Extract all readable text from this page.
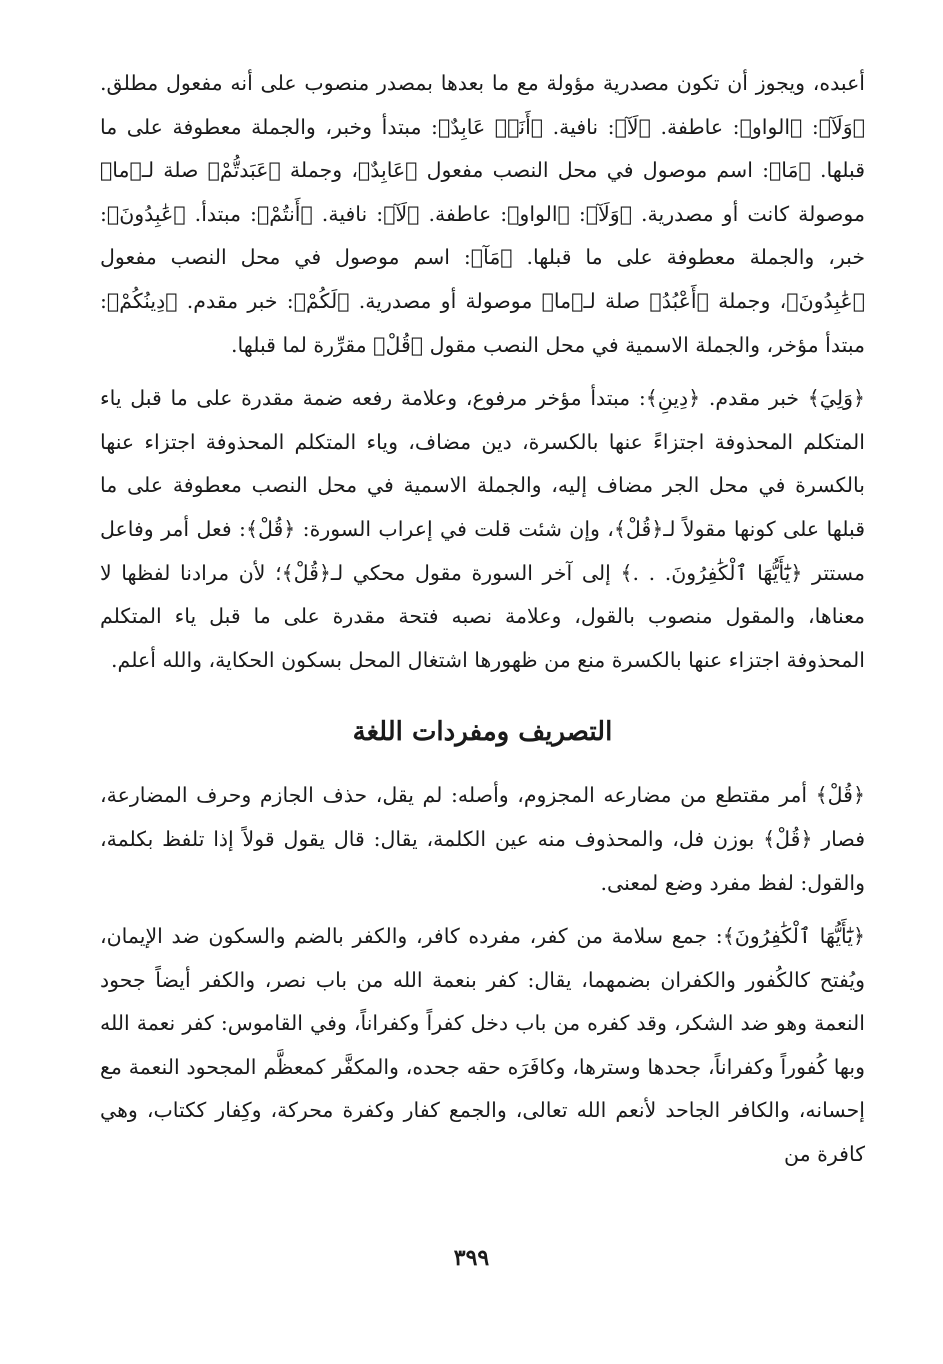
أعبده، ويجوز أن تكون مصدرية مؤولة مع ما بعدها بمصدر منصوب على أنه مفعول مطلق. ﴿وَلَآ﴾: ﴿الواو﴾: عاطفة. ﴿لَآ﴾: نافية. ﴿أَنَا۠ عَابِدٌ﴾: مبتدأ وخبر، والجملة معطوفة على ما قبلها. ﴿مَا﴾: اسم موصول في محل النصب مفعول ﴿عَابِدٌ﴾، وجملة ﴿عَبَدتُّمْ﴾ صلة لـ﴿ما﴾ موصولة كانت أو مصدرية. ﴿وَلَآ﴾: ﴿الواو﴾: عاطفة. ﴿لَآ﴾: نافية. ﴿أَنتُمْ﴾: مبتدأ. ﴿عَٰبِدُونَ﴾: خبر، والجملة معطوفة على ما قبلها. ﴿مَآ﴾: اسم موصول في محل النصب مفعول ﴿عَٰبِدُونَ﴾، وجملة ﴿أَعْبُدُ﴾ صلة لـ﴿ما﴾ موصولة أو مصدرية. ﴿لَكُمْ﴾: خبر مقدم. ﴿دِينُكُمْ﴾: مبتدأ مؤخر، والجملة الاسمية في محل النصب مقول ﴿قُلْ﴾ مقرِّرة لما قبلها.

﴿وَلِيَ﴾ خبر مقدم. ﴿دِينِ﴾: مبتدأ مؤخر مرفوع، وعلامة رفعه ضمة مقدرة على ما قبل ياء المتكلم المحذوفة اجتزاءً عنها بالكسرة، دين مضاف، وياء المتكلم المحذوفة اجتزاء عنها بالكسرة في محل الجر مضاف إليه، والجملة الاسمية في محل النصب معطوفة على ما قبلها على كونها مقولاً لـ﴿قُلْ﴾، وإن شئت قلت في إعراب السورة: ﴿قُلْ﴾: فعل أمر وفاعل مستتر ﴿يَٰٓأَيُّهَا ٱلْكَٰفِرُونَ. . .﴾ إلى آخر السورة مقول محكي لـ﴿قُلْ﴾؛ لأن مرادنا لفظها لا معناها، والمقول منصوب بالقول، وعلامة نصبه فتحة مقدرة على ما قبل ياء المتكلم المحذوفة اجتزاء عنها بالكسرة منع من ظهورها اشتغال المحل بسكون الحكاية، والله أعلم.

التصريف ومفردات اللغة

﴿قُلْ﴾ أمر مقتطع من مضارعه المجزوم، وأصله: لم يقل، حذف الجازم وحرف المضارعة، فصار ﴿قُلْ﴾ بوزن فل، والمحذوف منه عين الكلمة، يقال: قال يقول قولاً إذا تلفظ بكلمة، والقول: لفظ مفرد وضع لمعنى.

﴿يَٰٓأَيُّهَا ٱلْكَٰفِرُونَ﴾: جمع سلامة من كفر، مفرده كافر، والكفر بالضم والسكون ضد الإيمان، ويُفتح كالكُفور والكفران بضمهما، يقال: كفر بنعمة الله من باب نصر، والكفر أيضاً جحود النعمة وهو ضد الشكر، وقد كفره من باب دخل كفراً وكفراناً، وفي القاموس: كفر نعمة الله وبها كُفوراً وكفراناً، جحدها وسترها، وكافَرَه حقه جحده، والمكفَّر كمعظَّم المجحود النعمة مع إحسانه، والكافر الجاحد لأنعم الله تعالى، والجمع كفار وكفرة محركة، وكِفار ككتاب، وهي كافرة من

٣٩٩
